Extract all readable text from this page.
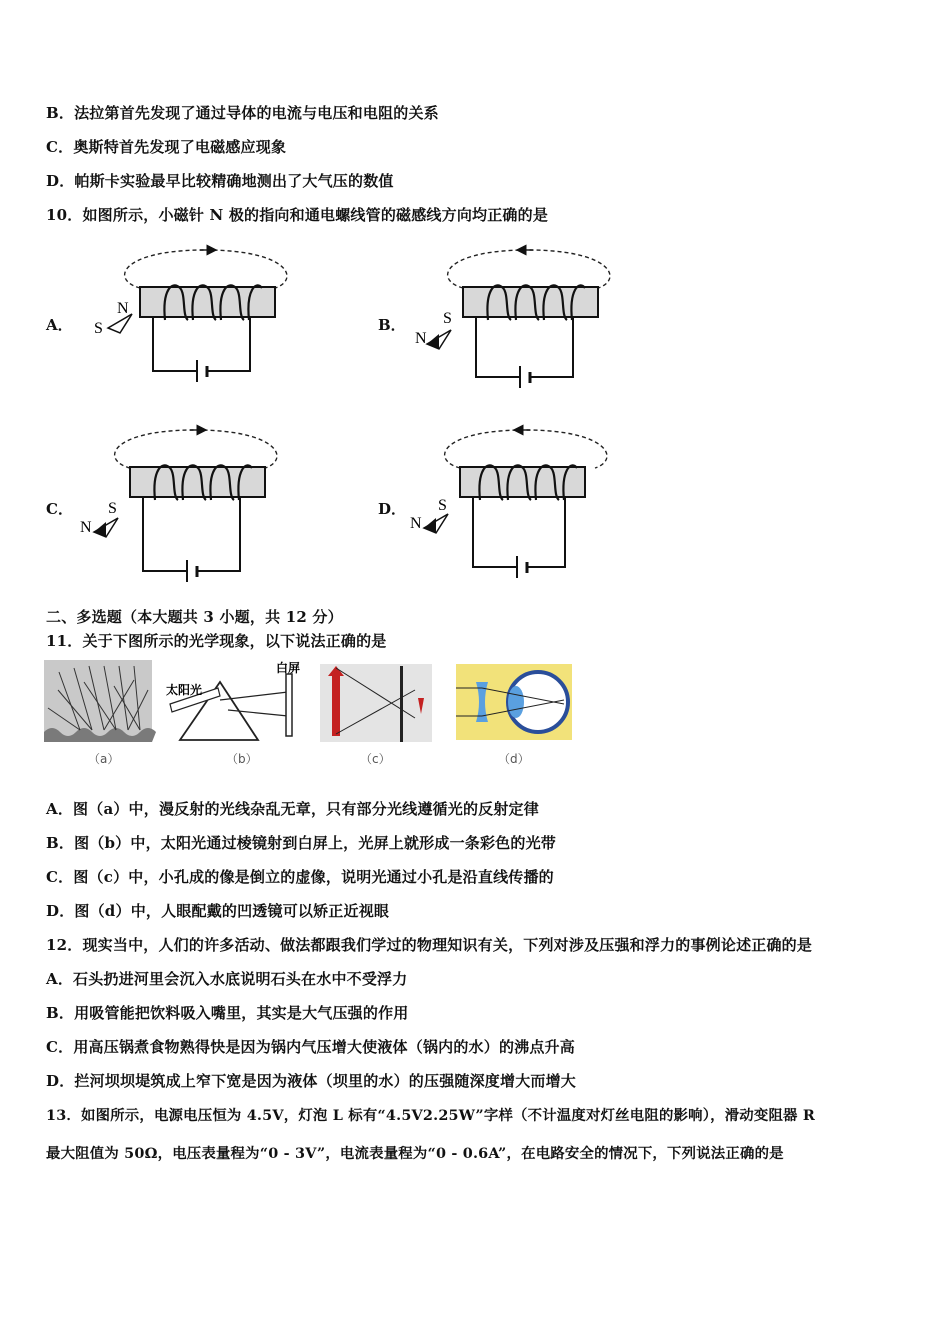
B．法拉第首先发现了通过导体的电流与电压和电阻的关系
C．奥斯特首先发现了电磁感应现象
D．帕斯卡实验最早比较精确地测出了大气压的数值
10．如图所示，小磁针 N 极的指向和通电螺线管的磁感线方向均正确的是
N
S
S
N
S
N
S
N
A．	B．
C．	D．
二、多选题（本大题共 3 小题，共 12 分）
11．关于下图所示的光学现象，以下说法正确的是
太阳光
白屏
（a）	（b）	（c）	（d）
A．图（a）中，漫反射的光线杂乱无章，只有部分光线遵循光的反射定律
B．图（b）中，太阳光通过棱镜射到白屏上，光屏上就形成一条彩色的光带
C．图（c）中，小孔成的像是倒立的虚像，说明光通过小孔是沿直线传播的
D．图（d）中，人眼配戴的凹透镜可以矫正近视眼
12．现实当中，人们的许多活动、做法都跟我们学过的物理知识有关，下列对涉及压强和浮力的事例论述正确的是
A．石头扔进河里会沉入水底说明石头在水中不受浮力
B．用吸管能把饮料吸入嘴里，其实是大气压强的作用
C．用高压锅煮食物熟得快是因为锅内气压增大使液体（锅内的水）的沸点升高
D．拦河坝坝堤筑成上窄下宽是因为液体（坝里的水）的压强随深度增大而增大
13．如图所示，电源电压恒为 4.5V，灯泡 L 标有“4.5V2.25W”字样（不计温度对灯丝电阻的影响），滑动变阻器 R
最大阻值为 50Ω，电压表量程为“0 - 3V”，电流表量程为“0 - 0.6A”，在电路安全的情况下，下列说法正确的是
